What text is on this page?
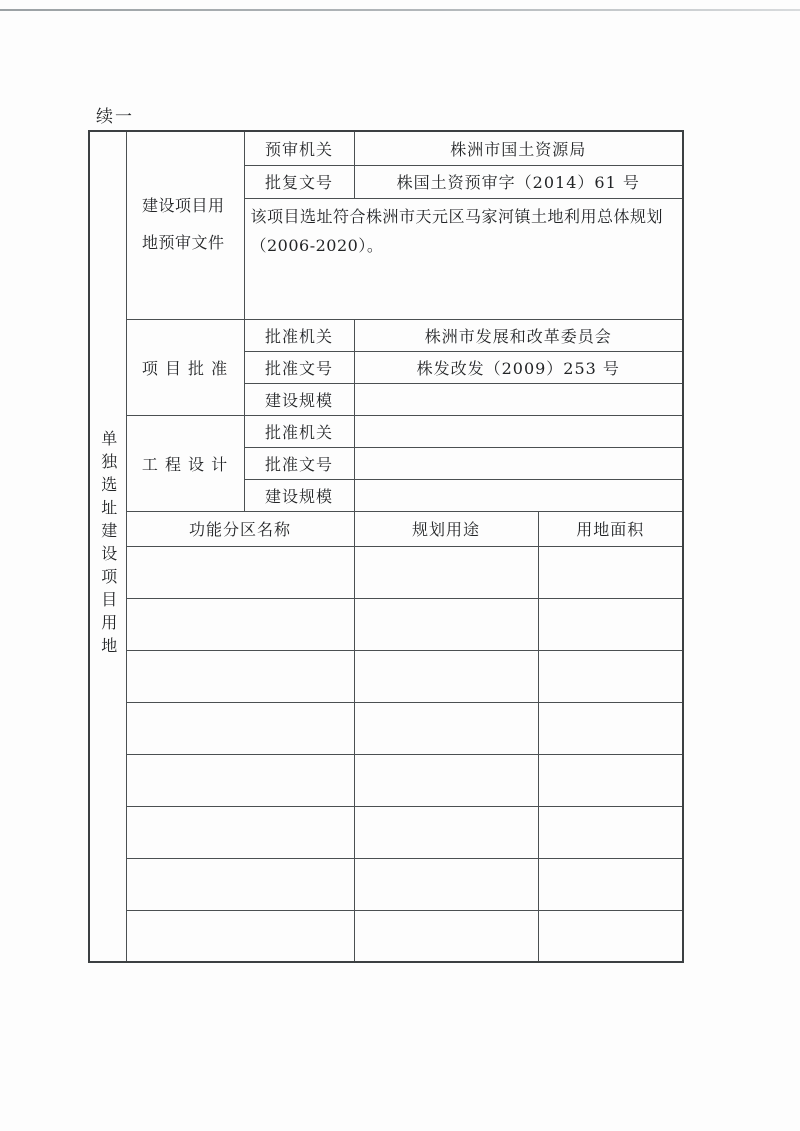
续一
单独选址建设项目用地	建设项目用地预审文件	预审机关	株洲市国土资源局	
		批复文号	株国土资预审字（2014）61 号	
		该项目选址符合株洲市天元区马家河镇土地利用总体规划（2006-2020）。		
	项 目 批 准	批准机关	株洲市发展和改革委员会	
		批准文号	株发改发（2009）253 号	
		建设规模		
	工 程 设 计	批准机关		
		批准文号		
		建设规模		
	功能分区名称		规划用途	用地面积
